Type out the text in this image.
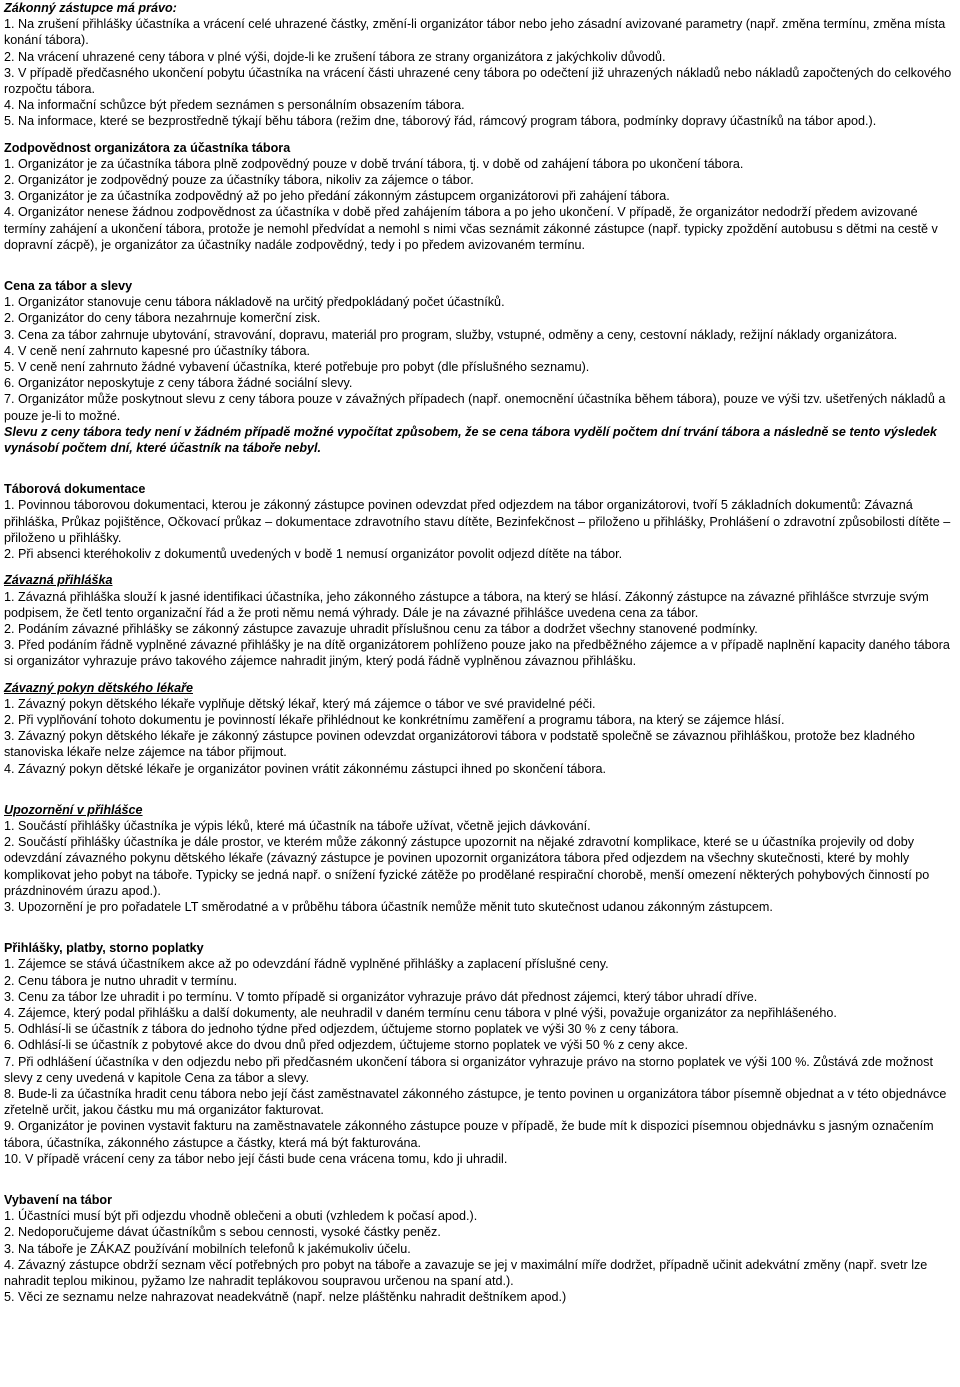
Zákonný zástupce má právo:

1. Na zrušení přihlášky účastníka a vrácení celé uhrazené částky, změní-li organizátor tábor nebo jeho zásadní avizované parametry (např. změna termínu, změna místa konání tábora).

2. Na vrácení uhrazené ceny tábora v plné výši, dojde-li ke zrušení tábora ze strany organizátora z jakýchkoliv důvodů.

3. V případě předčasného ukončení pobytu účastníka na vrácení části uhrazené ceny tábora po odečtení již uhrazených nákladů nebo nákladů započtených do celkového rozpočtu tábora.

4. Na informační schůzce být předem seznámen s personálním obsazením tábora.

5. Na informace, které se bezprostředně týkají běhu tábora (režim dne, táborový řád, rámcový program tábora, podmínky dopravy účastníků na tábor apod.).

Zodpovědnost organizátora za účastníka tábora

1. Organizátor je za účastníka tábora plně zodpovědný pouze v době trvání tábora, tj. v době od zahájení tábora po ukončení tábora.

2. Organizátor je zodpovědný pouze za účastníky tábora, nikoliv za zájemce o tábor.

3. Organizátor je za účastníka zodpovědný až po jeho předání zákonným zástupcem organizátorovi při zahájení tábora.

4. Organizátor nenese žádnou zodpovědnost za účastníka v době před zahájením tábora a po jeho ukončení. V případě, že organizátor nedodrží předem avizované termíny zahájení a ukončení tábora, protože je nemohl předvídat a nemohl s nimi včas seznámit zákonné zástupce (např. typicky zpoždění autobusu s dětmi na cestě v dopravní zácpě), je organizátor za účastníky nadále zodpovědný, tedy i po předem avizovaném termínu.

Cena za tábor a slevy

1. Organizátor stanovuje cenu tábora nákladově na určitý předpokládaný počet účastníků.

2. Organizátor do ceny tábora nezahrnuje komerční zisk.

3. Cena za tábor zahrnuje ubytování, stravování, dopravu, materiál pro program, služby, vstupné, odměny a ceny, cestovní náklady, režijní náklady organizátora.

4. V ceně není zahrnuto kapesné pro účastníky tábora.

5. V ceně není zahrnuto žádné vybavení účastníka, které potřebuje pro pobyt (dle příslušného seznamu).

6. Organizátor neposkytuje z ceny tábora žádné sociální slevy.

7. Organizátor může poskytnout slevu z ceny tábora pouze v závažných případech (např. onemocnění účastníka během tábora), pouze ve výši tzv. ušetřených nákladů a pouze je-li to možné.

Slevu z ceny tábora tedy není v žádném případě možné vypočítat způsobem, že se cena tábora vydělí počtem dní trvání tábora a následně se tento výsledek vynásobí počtem dní, které účastník na táboře nebyl.

Táborová dokumentace

1. Povinnou táborovou dokumentaci, kterou je zákonný zástupce povinen odevzdat před odjezdem na tábor organizátorovi, tvoří 5 základních dokumentů: Závazná přihláška, Průkaz pojištěnce, Očkovací průkaz – dokumentace zdravotního stavu dítěte, Bezinfekčnost – přiloženo u přihlášky, Prohlášení o zdravotní způsobilosti dítěte – přiloženo u přihlášky.

2. Při absenci kteréhokoliv z dokumentů uvedených v bodě 1 nemusí organizátor povolit odjezd dítěte na tábor.

Závazná přihláška

1. Závazná přihláška slouží k jasné identifikaci účastníka, jeho zákonného zástupce a tábora, na který se hlásí. Zákonný zástupce na závazné přihlášce stvrzuje svým podpisem, že četl tento organizační řád a že proti němu nemá výhrady. Dále je na závazné přihlášce uvedena cena za tábor.

2. Podáním závazné přihlášky se zákonný zástupce zavazuje uhradit příslušnou cenu za tábor a dodržet všechny stanovené podmínky.

3. Před podáním řádně vyplněné závazné přihlášky je na dítě organizátorem pohlíženo pouze jako na předběžného zájemce a v případě naplnění kapacity daného tábora si organizátor vyhrazuje právo takového zájemce nahradit jiným, který podá řádně vyplněnou závaznou přihlášku.

Závazný pokyn dětského lékaře

1. Závazný pokyn dětského lékaře vyplňuje dětský lékař, který má zájemce o tábor ve své pravidelné péči.

2. Při vyplňování tohoto dokumentu je povinností lékaře přihlédnout ke konkrétnímu zaměření a programu tábora, na který se zájemce hlásí.

3. Závazný pokyn dětského lékaře je zákonný zástupce povinen odevzdat organizátorovi tábora v podstatě společně se závaznou přihláškou, protože bez kladného stanoviska lékaře nelze zájemce na tábor přijmout.

4. Závazný pokyn dětské lékaře je organizátor povinen vrátit zákonnému zástupci ihned po skončení tábora.

Upozornění v přihlášce

1. Součástí přihlášky účastníka je výpis léků, které má účastník na táboře užívat, včetně jejich dávkování.

2. Součástí přihlášky účastníka je dále prostor, ve kterém může zákonný zástupce upozornit na nějaké zdravotní komplikace, které se u účastníka projevily od doby odevzdání závazného pokynu dětského lékaře (závazný zástupce je povinen upozornit organizátora tábora před odjezdem na všechny skutečnosti, které by mohly komplikovat jeho pobyt na táboře. Typicky se jedná např. o snížení fyzické zátěže po prodělané respirační chorobě, menší omezení některých pohybových činností po prázdninovém úrazu apod.).

3. Upozornění je pro pořadatele LT směrodatné a v průběhu tábora účastník nemůže měnit tuto skutečnost udanou zákonným zástupcem.

Přihlášky, platby, storno poplatky

1. Zájemce se stává účastníkem akce až po odevzdání řádně vyplněné přihlášky a zaplacení příslušné ceny.

2. Cenu tábora je nutno uhradit v termínu.

3. Cenu za tábor lze uhradit i po termínu. V tomto případě si organizátor vyhrazuje právo dát přednost zájemci, který tábor uhradí dříve.

4. Zájemce, který podal přihlášku a další dokumenty, ale neuhradil v daném termínu cenu tábora v plné výši, považuje organizátor za nepřihlášeného.

5. Odhlásí-li se účastník z tábora do jednoho týdne před odjezdem, účtujeme storno poplatek ve výši 30 % z ceny tábora.

6. Odhlásí-li se účastník z pobytové akce do dvou dnů před odjezdem, účtujeme storno poplatek ve výši 50 % z ceny akce.

7. Při odhlášení účastníka v den odjezdu nebo při předčasném ukončení tábora si organizátor vyhrazuje právo na storno poplatek ve výši 100 %. Zůstává zde možnost slevy z ceny uvedená v kapitole Cena za tábor a slevy.

8. Bude-li za účastníka hradit cenu tábora nebo její část zaměstnavatel zákonného zástupce, je tento povinen u organizátora tábor písemně objednat a v této objednávce zřetelně určit, jakou částku mu má organizátor fakturovat.

9. Organizátor je povinen vystavit fakturu na zaměstnavatele zákonného zástupce pouze v případě, že bude mít k dispozici písemnou objednávku s jasným označením tábora, účastníka, zákonného zástupce a částky, která má být fakturována.

10. V případě vrácení ceny za tábor nebo její části bude cena vrácena tomu, kdo ji uhradil.

Vybavení na tábor

1. Účastníci musí být při odjezdu vhodně oblečeni a obuti (vzhledem k počasí apod.).

2. Nedoporučujeme dávat účastníkům s sebou cennosti, vysoké částky peněz.

3. Na táboře je ZÁKAZ používání mobilních telefonů k jakémukoliv účelu.

4. Závazný zástupce obdrží seznam věcí potřebných pro pobyt na táboře a zavazuje se jej v maximální míře dodržet, případně učinit adekvátní změny (např. svetr lze nahradit teplou mikinou, pyžamo lze nahradit teplákovou soupravou určenou na spaní atd.).

5. Věci ze seznamu nelze nahrazovat neadekvátně (např. nelze pláštěnku nahradit deštníkem apod.)
